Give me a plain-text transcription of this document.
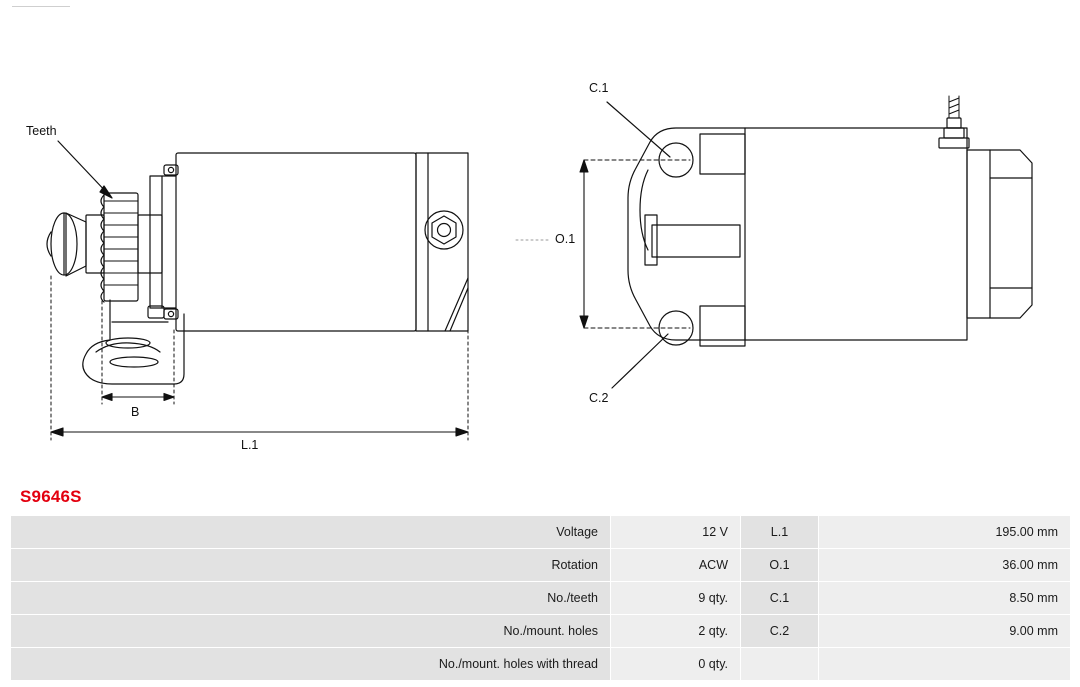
Teeth
B
L.1
C.1
C.2
O.1
S9646S
Voltage	12 V	L.1	195.00 mm
Rotation	ACW	O.1	36.00 mm
No./teeth	9 qty.	C.1	8.50 mm
No./mount. holes	2 qty.	C.2	9.00 mm
No./mount. holes with thread	0 qty.		
